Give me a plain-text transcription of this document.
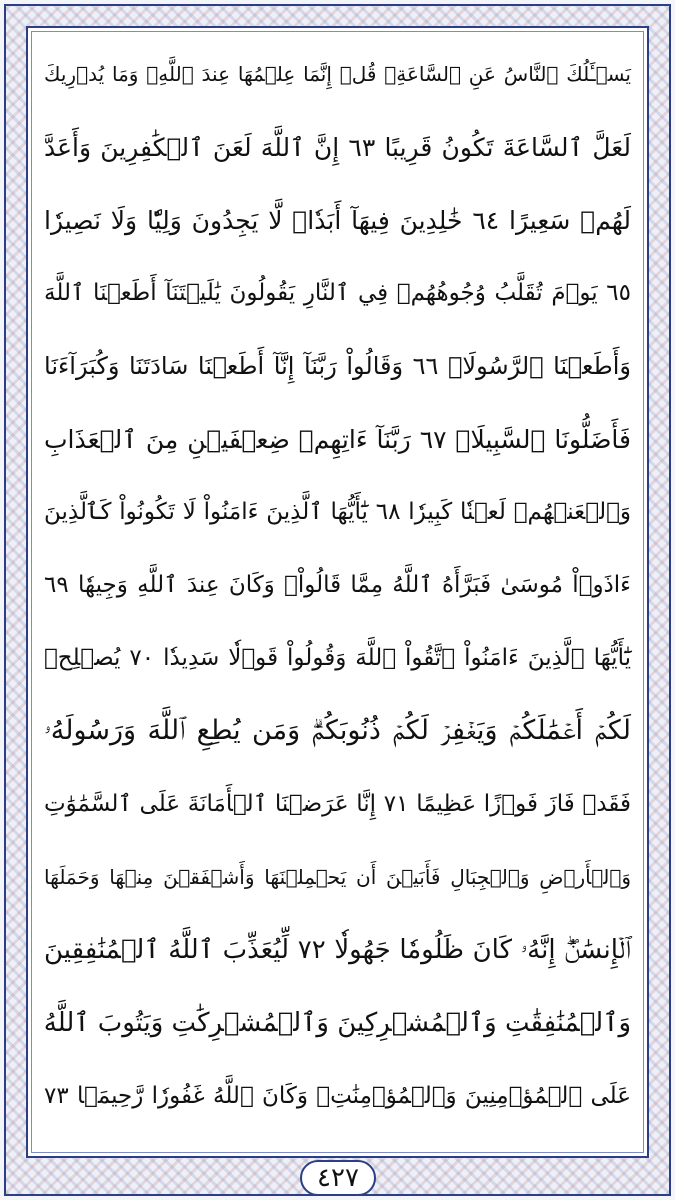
يَسۡـَٔلُكَ ٱلنَّاسُ عَنِ ٱلسَّاعَةِۖ قُلۡ إِنَّمَا عِلۡمُهَا عِندَ ٱللَّهِۚ وَمَا يُدۡرِيكَ
لَعَلَّ ٱلسَّاعَةَ تَكُونُ قَرِيبًا ٦٣ إِنَّ ٱللَّهَ لَعَنَ ٱلۡكَٰفِرِينَ وَأَعَدَّ
لَهُمۡ سَعِيرًا ٦٤ خَٰلِدِينَ فِيهَآ أَبَدٗاۖ لَّا يَجِدُونَ وَلِيّٗا وَلَا نَصِيرٗا
٦٥ يَوۡمَ تُقَلَّبُ وُجُوهُهُمۡ فِي ٱلنَّارِ يَقُولُونَ يَٰلَيۡتَنَآ أَطَعۡنَا ٱللَّهَ
وَأَطَعۡنَا ٱلرَّسُولَا۠ ٦٦ وَقَالُواْ رَبَّنَآ إِنَّآ أَطَعۡنَا سَادَتَنَا وَكُبَرَآءَنَا
فَأَضَلُّونَا ٱلسَّبِيلَا۠ ٦٧ رَبَّنَآ ءَاتِهِمۡ ضِعۡفَيۡنِ مِنَ ٱلۡعَذَابِ
وَٱلۡعَنۡهُمۡ لَعۡنٗا كَبِيرٗا ٦٨ يَٰٓأَيُّهَا ٱلَّذِينَ ءَامَنُواْ لَا تَكُونُواْ كَٱلَّذِينَ
ءَاذَوۡاْ مُوسَىٰ فَبَرَّأَهُ ٱللَّهُ مِمَّا قَالُواْۚ وَكَانَ عِندَ ٱللَّهِ وَجِيهٗا ٦٩
يَٰٓأَيُّهَا ٱلَّذِينَ ءَامَنُواْ ٱتَّقُواْ ٱللَّهَ وَقُولُواْ قَوۡلٗا سَدِيدٗا ٧٠ يُصۡلِحۡ
لَكُمۡ أَعۡمَٰلَكُمۡ وَيَغۡفِرۡ لَكُمۡ ذُنُوبَكُمۡۗ وَمَن يُطِعِ ٱللَّهَ وَرَسُولَهُۥ
فَقَدۡ فَازَ فَوۡزًا عَظِيمًا ٧١ إِنَّا عَرَضۡنَا ٱلۡأَمَانَةَ عَلَى ٱلسَّمَٰوَٰتِ
وَٱلۡأَرۡضِ وَٱلۡجِبَالِ فَأَبَيۡنَ أَن يَحۡمِلۡنَهَا وَأَشۡفَقۡنَ مِنۡهَا وَحَمَلَهَا
ٱلۡإِنسَٰنُۖ إِنَّهُۥ كَانَ ظَلُومٗا جَهُولٗا ٧٢ لِّيُعَذِّبَ ٱللَّهُ ٱلۡمُنَٰفِقِينَ
وَٱلۡمُنَٰفِقَٰتِ وَٱلۡمُشۡرِكِينَ وَٱلۡمُشۡرِكَٰتِ وَيَتُوبَ ٱللَّهُ
عَلَى ٱلۡمُؤۡمِنِينَ وَٱلۡمُؤۡمِنَٰتِۗ وَكَانَ ٱللَّهُ غَفُورٗا رَّحِيمَۢا ٧٣
٤٢٧
